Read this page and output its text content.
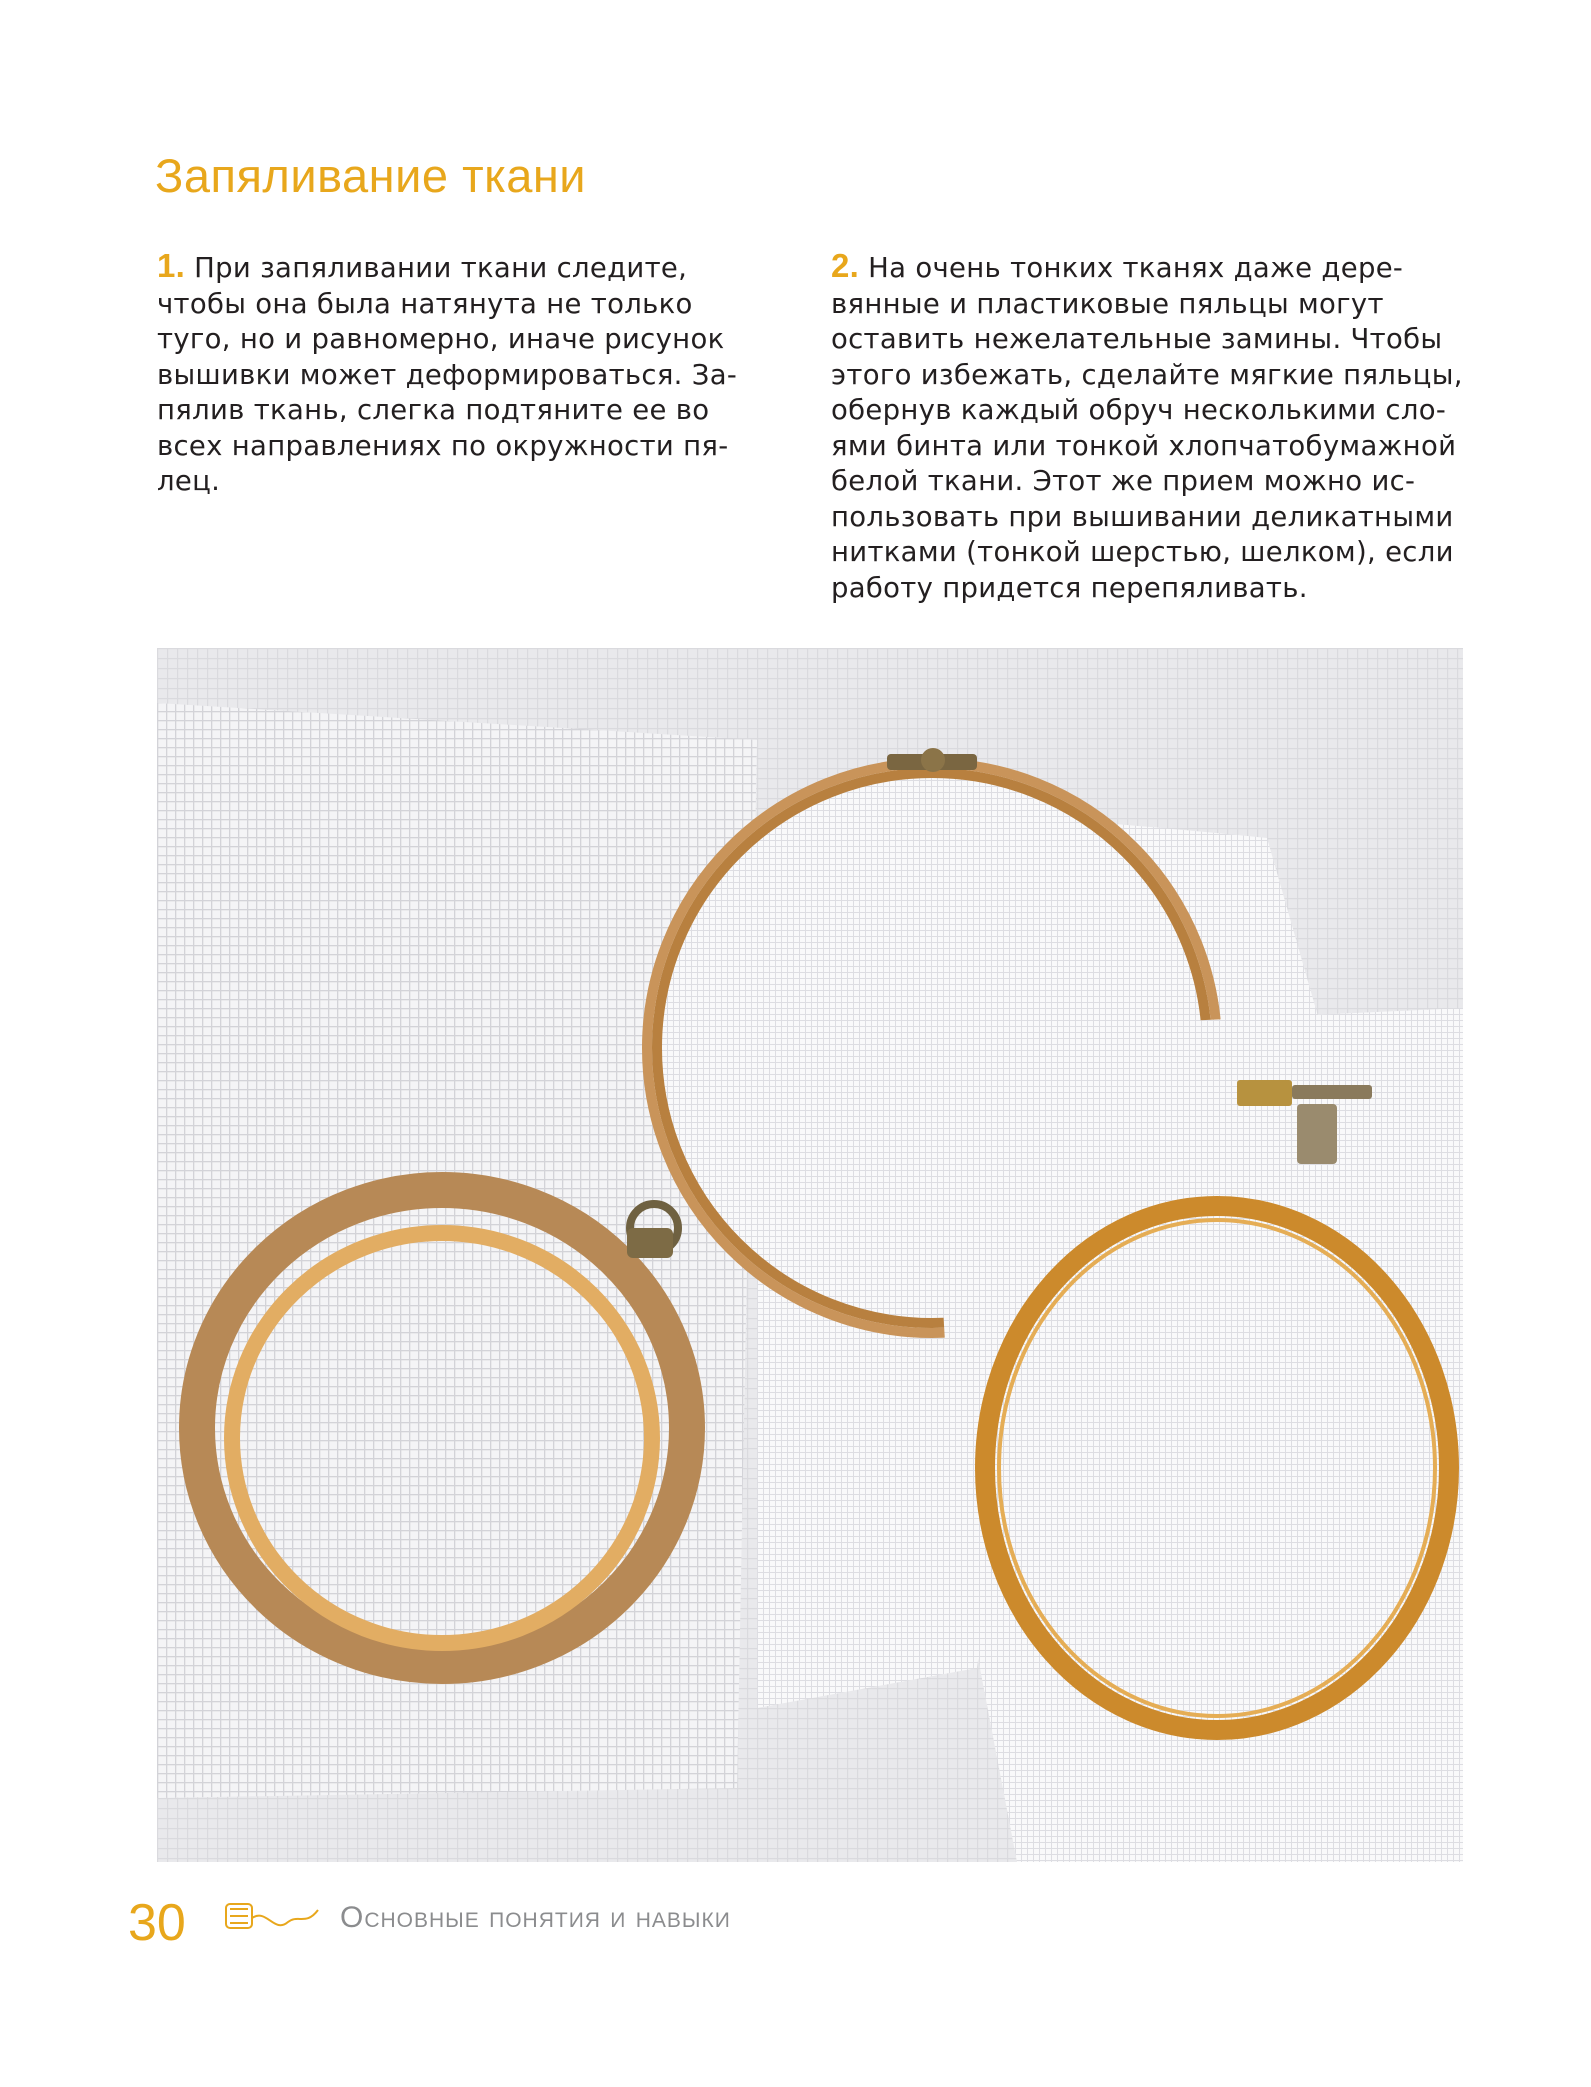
Запяливание ткани

1. При запяливании ткани следите,
чтобы она была натянута не только
туго, но и равномерно, иначе рисунок
вышивки может деформироваться. За-
пялив ткань, слегка подтяните ее во
всех направлениях по окружности пя-
лец.

2. На очень тонких тканях даже дере-
вянные и пластиковые пяльцы могут
оставить нежелательные замины. Чтобы
этого избежать, сделайте мягкие пяльцы,
обернув каждый обруч несколькими сло-
ями бинта или тонкой хлопчатобумажной
белой ткани. Этот же прием можно ис-
пользовать при вышивании деликатными
нитками (тонкой шерстью, шелком), если
работу придется перепяливать.

30	Основные понятия и навыки
